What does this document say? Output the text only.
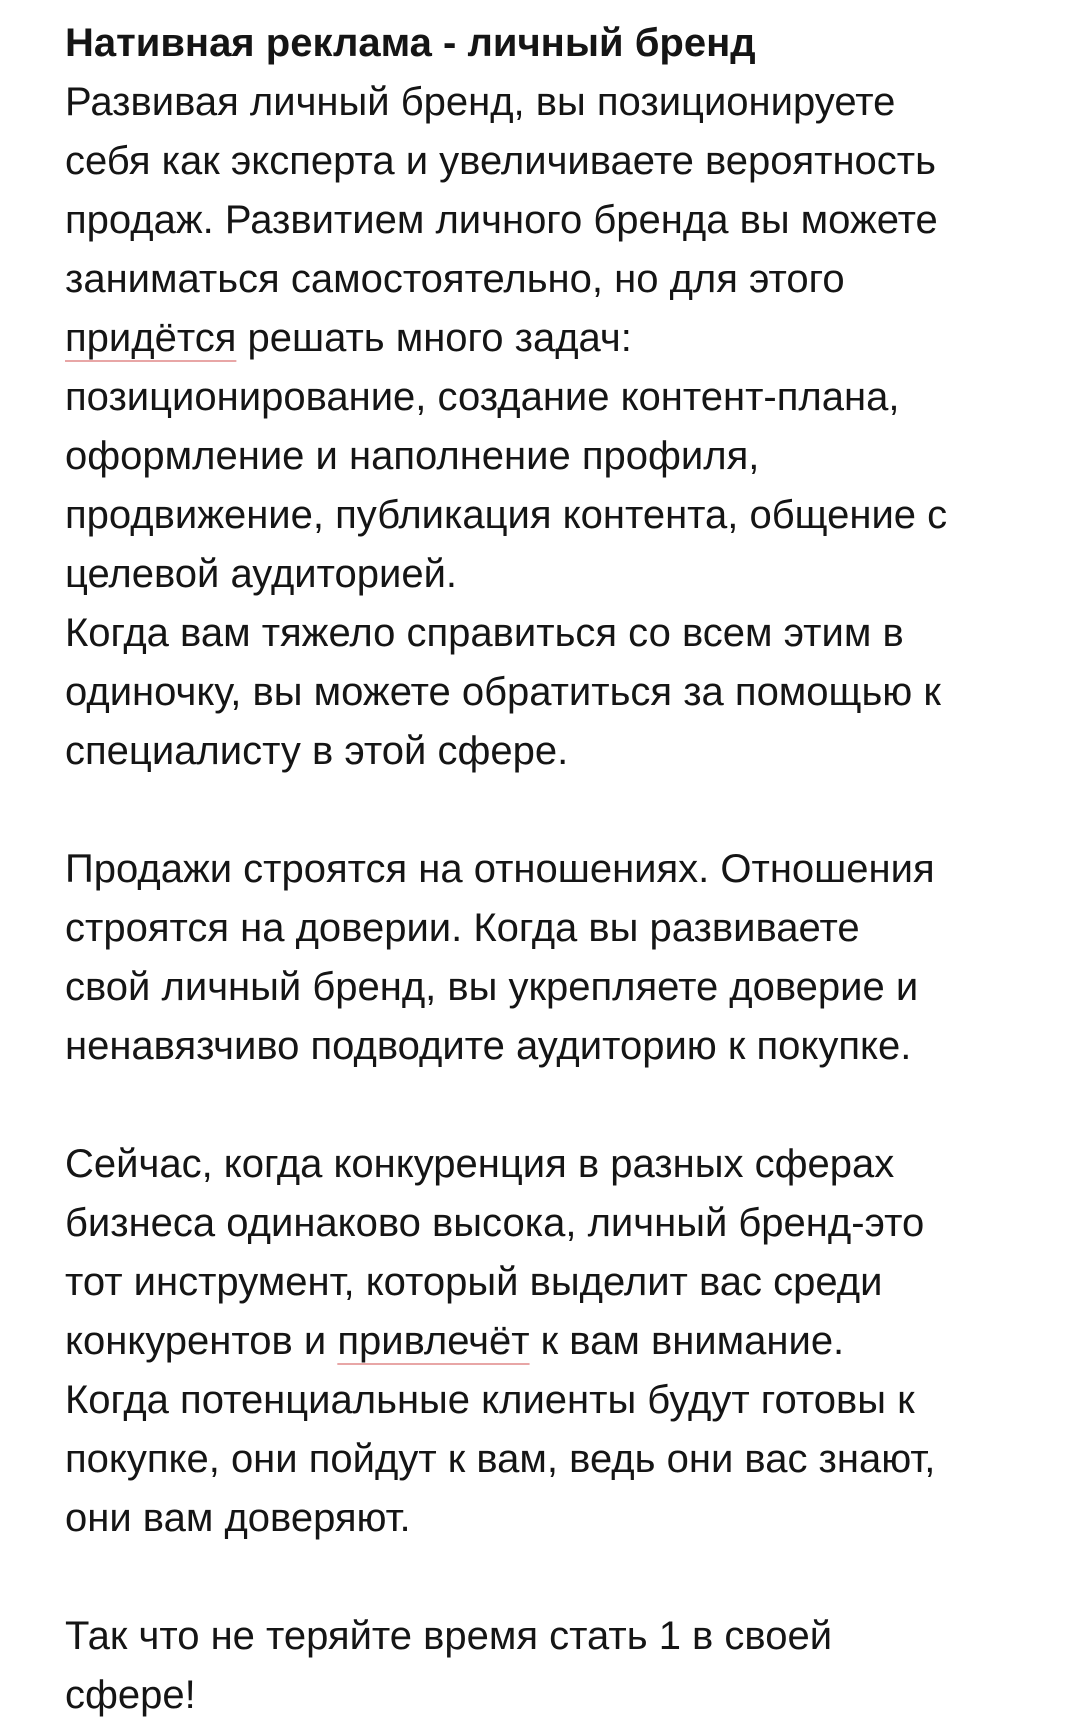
Нативная реклама - личный бренд
Развивая личный бренд, вы позиционируете
себя как эксперта и увеличиваете вероятность
продаж. Развитием личного бренда вы можете
заниматься самостоятельно, но для этого
придётся решать много задач:
позиционирование, создание контент-плана,
оформление и наполнение профиля,
продвижение, публикация контента, общение с
целевой аудиторией.
Когда вам тяжело справиться со всем этим в
одиночку, вы можете обратиться за помощью к
специалисту в этой сфере.
Продажи строятся на отношениях. Отношения
строятся на доверии. Когда вы развиваете
свой личный бренд, вы укрепляете доверие и
ненавязчиво подводите аудиторию к покупке.
Сейчас, когда конкуренция в разных сферах
бизнеса одинаково высока, личный бренд-это
тот инструмент, который выделит вас среди
конкурентов и привлечёт к вам внимание.
Когда потенциальные клиенты будут готовы к
покупке, они пойдут к вам, ведь они вас знают,
они вам доверяют.
Так что не теряйте время стать 1 в своей
сфере!
